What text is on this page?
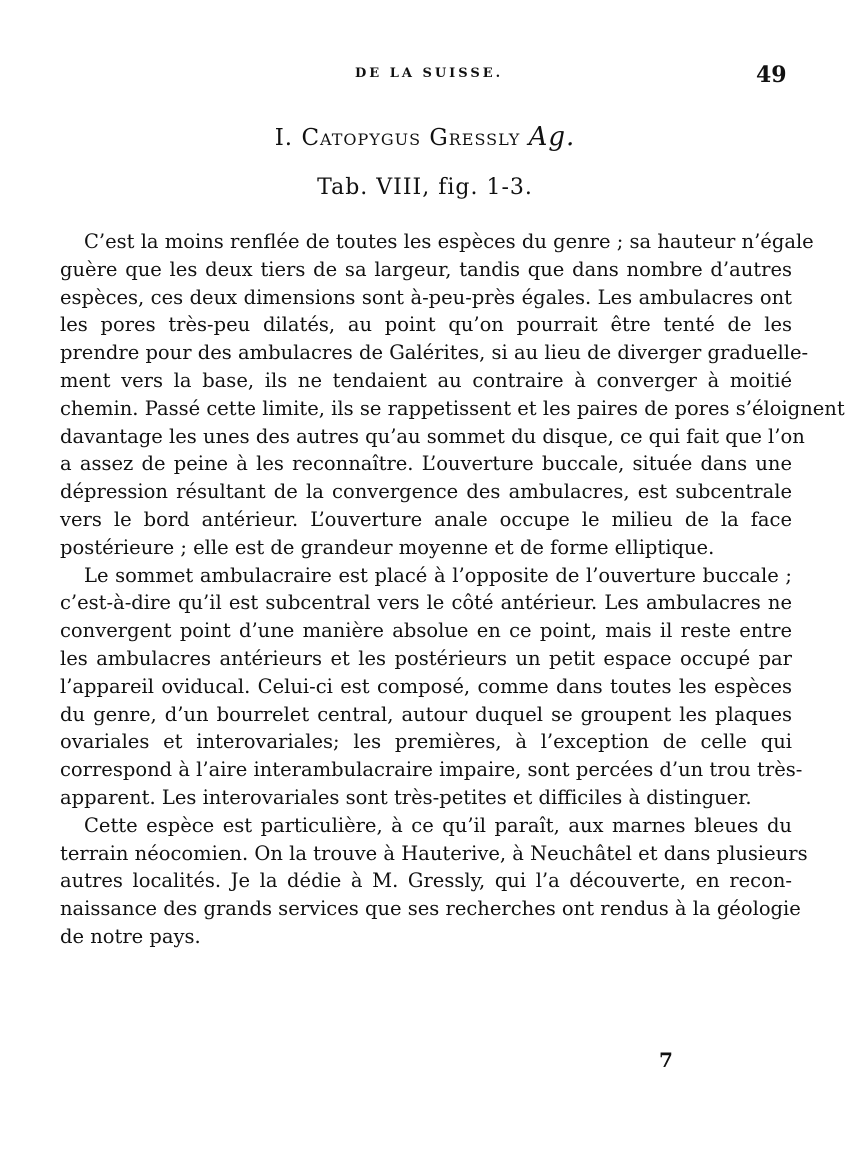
DE LA SUISSE.	49
I. Catopygus Gressly Ag.
Tab. VIII, fig. 1-3.
C’est la moins renflée de toutes les espèces du genre ; sa hauteur n’égale
guère que les deux tiers de sa largeur, tandis que dans nombre d’autres
espèces, ces deux dimensions sont à-peu-près égales. Les ambulacres ont
les pores très-peu dilatés, au point qu’on pourrait être tenté de les
prendre pour des ambulacres de Galérites, si au lieu de diverger graduelle-
ment vers la base, ils ne tendaient au contraire à converger à moitié
chemin. Passé cette limite, ils se rappetissent et les paires de pores s’éloignent
davantage les unes des autres qu’au sommet du disque, ce qui fait que l’on
a assez de peine à les reconnaître. L’ouverture buccale, située dans une
dépression résultant de la convergence des ambulacres, est subcentrale
vers le bord antérieur. L’ouverture anale occupe le milieu de la face
postérieure ; elle est de grandeur moyenne et de forme elliptique.
Le sommet ambulacraire est placé à l’opposite de l’ouverture buccale ;
c’est-à-dire qu’il est subcentral vers le côté antérieur. Les ambulacres ne
convergent point d’une manière absolue en ce point, mais il reste entre
les ambulacres antérieurs et les postérieurs un petit espace occupé par
l’appareil oviducal. Celui-ci est composé, comme dans toutes les espèces
du genre, d’un bourrelet central, autour duquel se groupent les plaques
ovariales et interovariales; les premières, à l’exception de celle qui
correspond à l’aire interambulacraire impaire, sont percées d’un trou très-
apparent. Les interovariales sont très-petites et difficiles à distinguer.
Cette espèce est particulière, à ce qu’il paraît, aux marnes bleues du
terrain néocomien. On la trouve à Hauterive, à Neuchâtel et dans plusieurs
autres localités. Je la dédie à M. Gressly, qui l’a découverte, en recon-
naissance des grands services que ses recherches ont rendus à la géologie
de notre pays.
7
